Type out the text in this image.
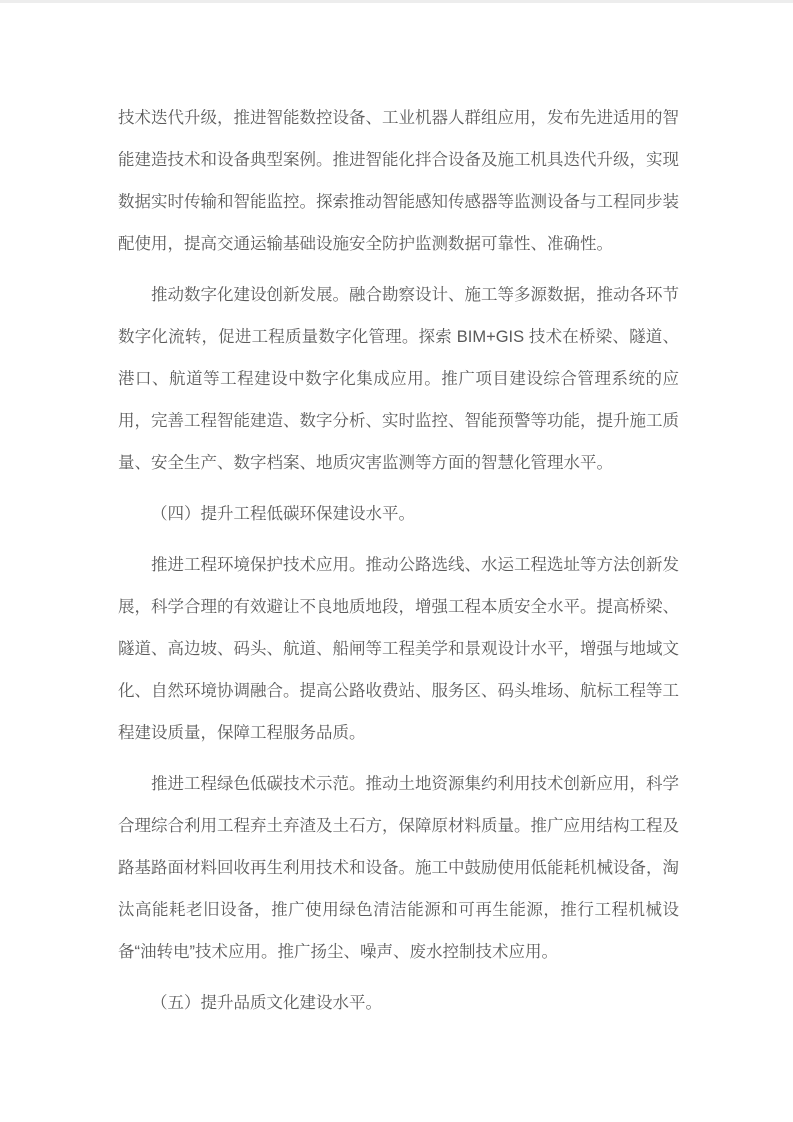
技术迭代升级，推进智能数控设备、工业机器人群组应用，发布先进适用的智能建造技术和设备典型案例。推进智能化拌合设备及施工机具迭代升级，实现数据实时传输和智能监控。探索推动智能感知传感器等监测设备与工程同步装配使用，提高交通运输基础设施安全防护监测数据可靠性、准确性。

推动数字化建设创新发展。融合勘察设计、施工等多源数据，推动各环节数字化流转，促进工程质量数字化管理。探索 BIM+GIS 技术在桥梁、隧道、港口、航道等工程建设中数字化集成应用。推广项目建设综合管理系统的应用，完善工程智能建造、数字分析、实时监控、智能预警等功能，提升施工质量、安全生产、数字档案、地质灾害监测等方面的智慧化管理水平。

（四）提升工程低碳环保建设水平。

推进工程环境保护技术应用。推动公路选线、水运工程选址等方法创新发展，科学合理的有效避让不良地质地段，增强工程本质安全水平。提高桥梁、隧道、高边坡、码头、航道、船闸等工程美学和景观设计水平，增强与地域文化、自然环境协调融合。提高公路收费站、服务区、码头堆场、航标工程等工程建设质量，保障工程服务品质。

推进工程绿色低碳技术示范。推动土地资源集约利用技术创新应用，科学合理综合利用工程弃土弃渣及土石方，保障原材料质量。推广应用结构工程及路基路面材料回收再生利用技术和设备。施工中鼓励使用低能耗机械设备，淘汰高能耗老旧设备，推广使用绿色清洁能源和可再生能源，推行工程机械设备“油转电”技术应用。推广扬尘、噪声、废水控制技术应用。

（五）提升品质文化建设水平。
